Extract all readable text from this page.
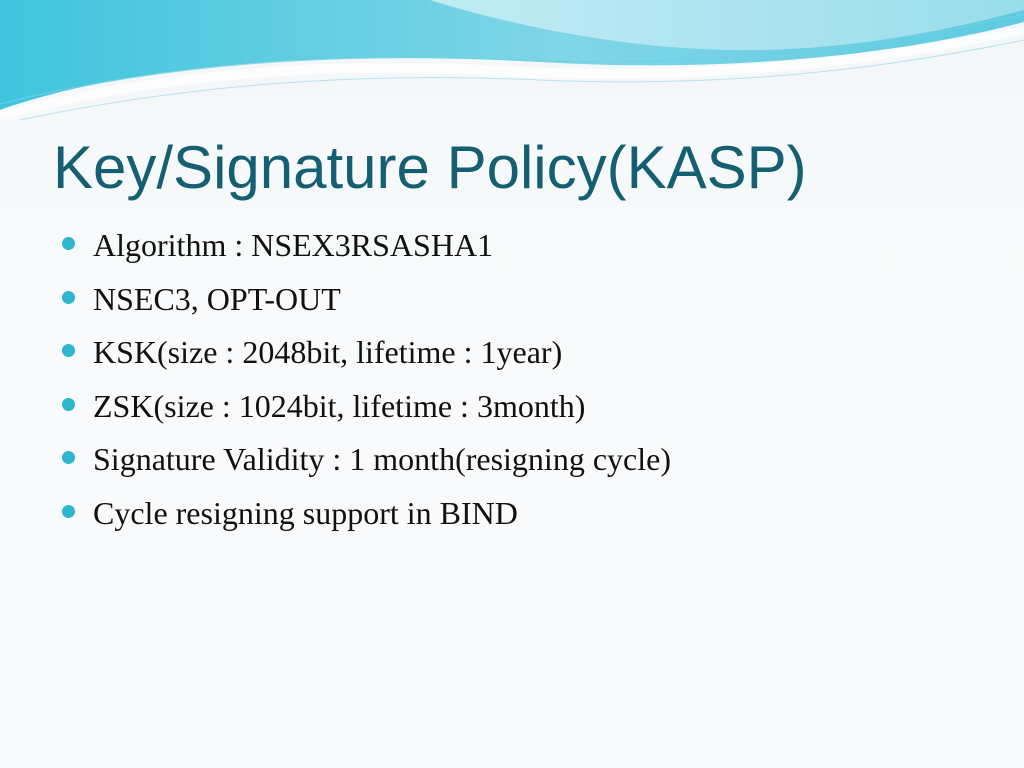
Key/Signature Policy(KASP)
Algorithm : NSEX3RSASHA1
NSEC3, OPT-OUT
KSK(size : 2048bit, lifetime : 1year)
ZSK(size : 1024bit, lifetime : 3month)
Signature Validity : 1 month(resigning cycle)
Cycle resigning support in BIND
